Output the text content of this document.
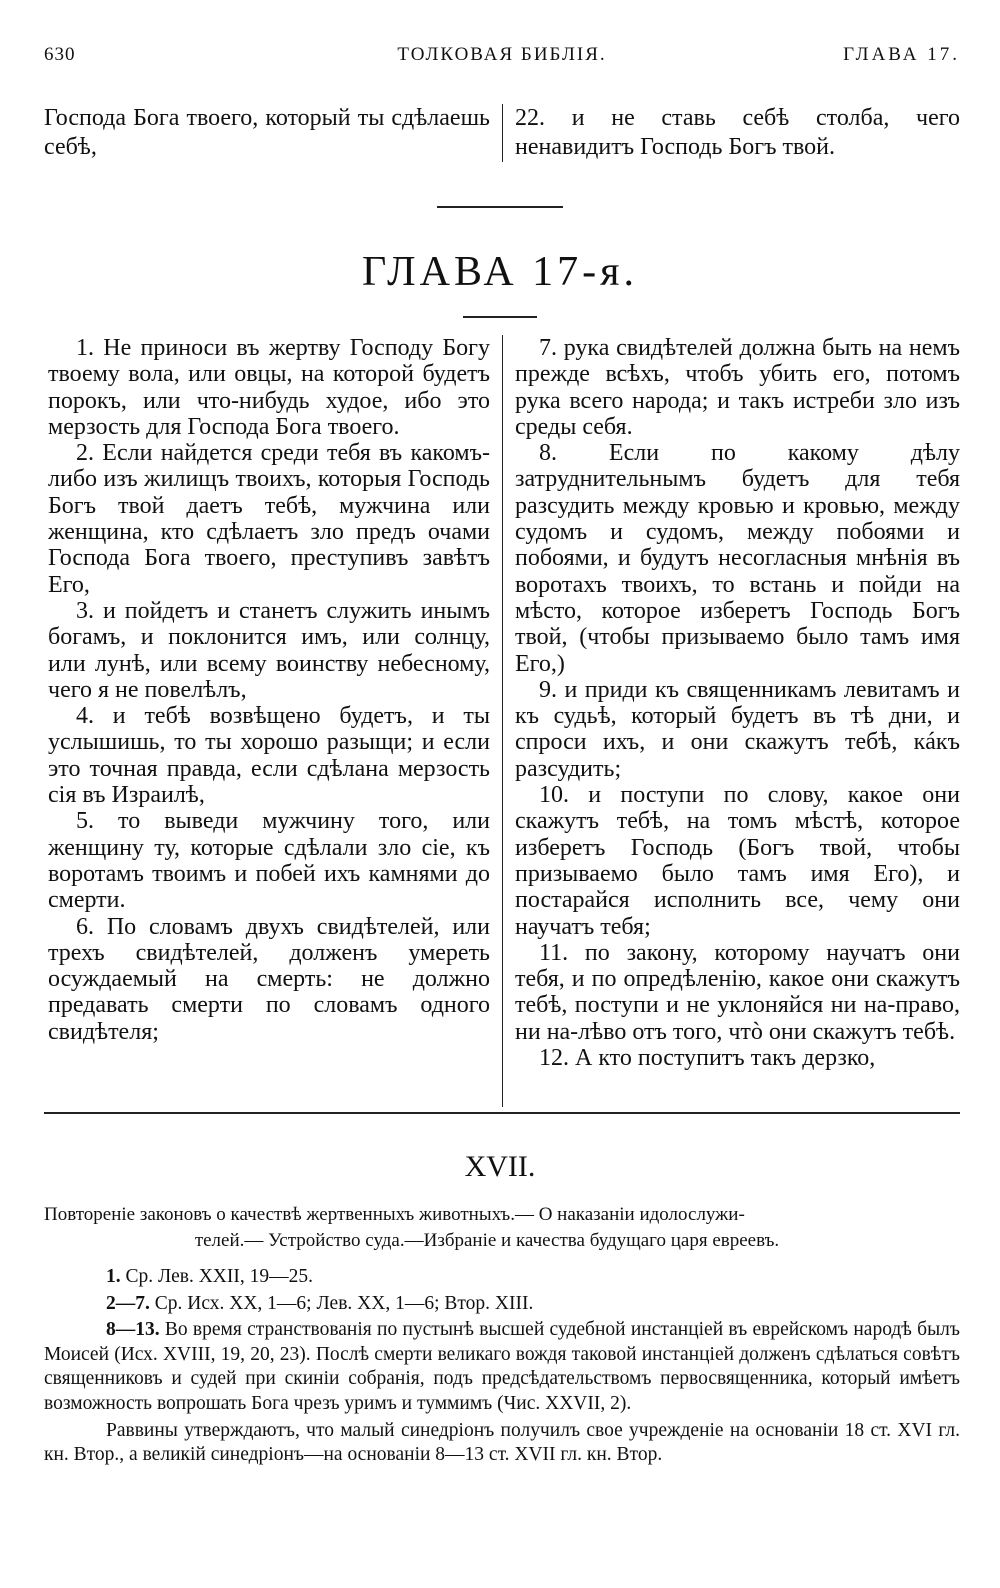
630	ТОЛКОВАЯ БИБЛІЯ.	ГЛАВА 17.
Господа Бога твоего, который ты сдѣлаешь себѣ,
22. и не ставь себѣ столба, чего ненавидитъ Господь Богъ твой.
ГЛАВА 17-я.

1. Не приноси въ жертву Господу Богу твоему вола, или овцы, на которой будетъ порокъ, или что-нибудь худое, ибо это мерзость для Господа Бога твоего.

2. Если найдется среди тебя въ какомъ-либо изъ жилищъ твоихъ, которыя Господь Богъ твой даетъ тебѣ, мужчина или женщина, кто сдѣлаетъ зло предъ очами Господа Бога твоего, преступивъ завѣтъ Его,

3. и пойдетъ и станетъ служить инымъ богамъ, и поклонится имъ, или солнцу, или лунѣ, или всему воинству небесному, чего я не повелѣлъ,

4. и тебѣ возвѣщено будетъ, и ты услышишь, то ты хорошо разыщи; и если это точная правда, если сдѣлана мерзость сія въ Израилѣ,

5. то выведи мужчину того, или женщину ту, которые сдѣлали зло сіе, къ воротамъ твоимъ и побей ихъ камнями до смерти.

6. По словамъ двухъ свидѣтелей, или трехъ свидѣтелей, долженъ умереть осуждаемый на смерть: не должно предавать смерти по словамъ одного свидѣтеля;

7. рука свидѣтелей должна быть на немъ прежде всѣхъ, чтобъ убить его, потомъ рука всего народа; и такъ истреби зло изъ среды себя.

8. Если по какому дѣлу затруднительнымъ будетъ для тебя разсудить между кровью и кровью, между судомъ и судомъ, между побоями и побоями, и будутъ несогласныя мнѣнія въ воротахъ твоихъ, то встань и пойди на мѣсто, которое изберетъ Господь Богъ твой, (чтобы призываемо было тамъ имя Его,)

9. и приди къ священникамъ левитамъ и къ судьѣ, который будетъ въ тѣ дни, и спроси ихъ, и они скажутъ тебѣ, кáкъ разсудить;

10. и поступи по слову, какое они скажутъ тебѣ, на томъ мѣстѣ, которое изберетъ Господь (Богъ твой, чтобы призываемо было тамъ имя Его), и постарайся исполнить все, чему они научатъ тебя;

11. по закону, которому научатъ они тебя, и по опредѣленію, какое они скажутъ тебѣ, поступи и не уклоняйся ни на-право, ни на-лѣво отъ того, чтò они скажутъ тебѣ.

12. А кто поступитъ такъ дерзко,

XVII.
Повтореніе законовъ о качествѣ жертвенныхъ животныхъ.— О наказаніи идолослужи-
телей.— Устройство суда.—Избраніе и качества будущаго царя евреевъ.

1. Ср. Лев. XXII, 19—25.

2—7. Ср. Исх. XX, 1—6; Лев. XX, 1—6; Втор. XIII.

8—13. Во время странствованія по пустынѣ высшей судебной инстанціей въ еврейскомъ народѣ былъ Моисей (Исх. XVIII, 19, 20, 23). Послѣ смерти великаго вождя таковой инстанціей долженъ сдѣлаться совѣтъ священниковъ и судей при скиніи собранія, подъ предсѣдательствомъ первосвященника, который имѣетъ возможность вопрошать Бога чрезъ уримъ и туммимъ (Чис. XXVII, 2).

Раввины утверждаютъ, что малый синедріонъ получилъ свое учрежденіе на основаніи 18 ст. XVI гл. кн. Втор., а великій синедріонъ—на основаніи 8—13 ст. XVII гл. кн. Втор.
